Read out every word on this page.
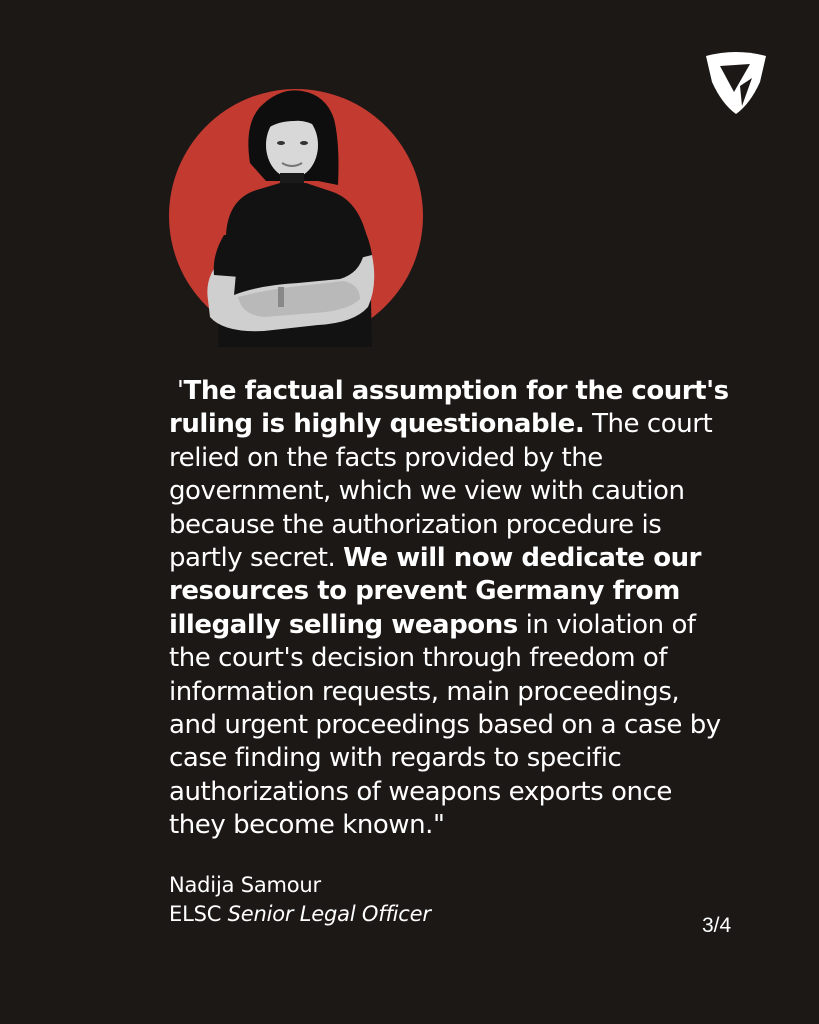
'The factual assumption for the court's ruling is highly questionable. The court relied on the facts provided by the government, which we view with caution because the authorization procedure is partly secret. We will now dedicate our resources to prevent Germany from illegally selling weapons in violation of the court's decision through freedom of information requests, main proceedings, and urgent proceedings based on a case by case finding with regards to specific authorizations of weapons exports once they become known."

Nadija Samour
ELSC Senior Legal Officer	3/4
